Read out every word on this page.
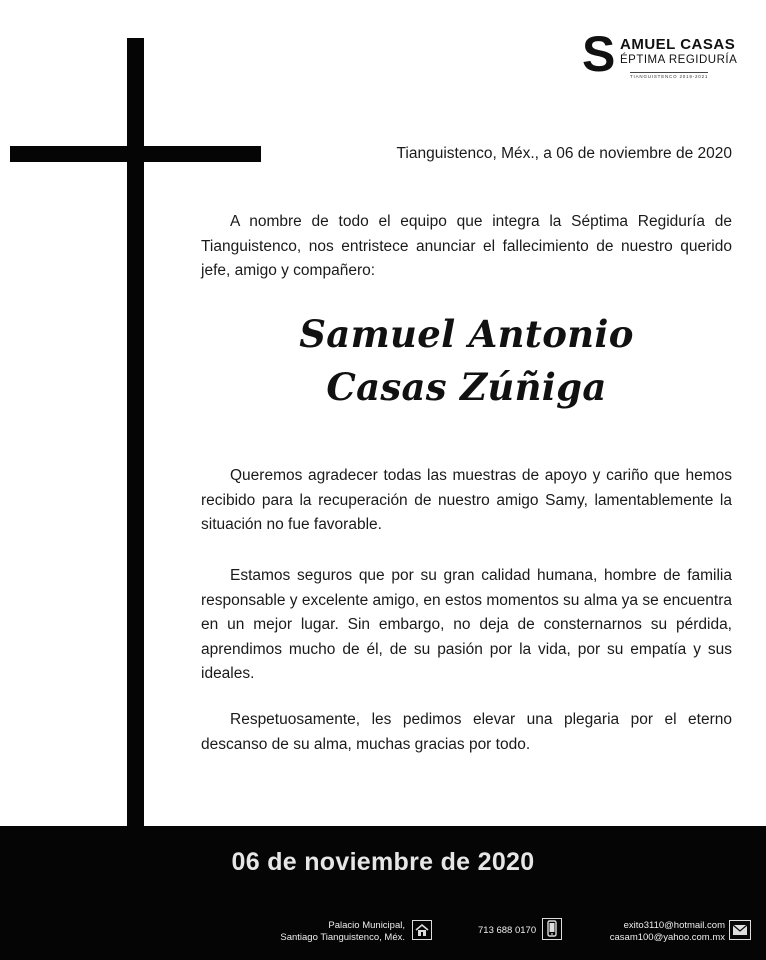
S AMUEL CASAS
ÉPTIMA REGIDURÍA
TIANGUISTENCO 2019-2021
Tianguistenco, Méx., a 06 de noviembre de 2020

A nombre de todo el equipo que integra la Séptima Regiduría de Tianguistenco, nos entristece anunciar el fallecimiento de nuestro querido jefe, amigo y compañero:

Samuel Antonio
Casas Zúñiga

Queremos agradecer todas las muestras de apoyo y cariño que hemos recibido para la recuperación de nuestro amigo Samy, lamentablemente la situación no fue favorable.

Estamos seguros que por su gran calidad humana, hombre de familia responsable y excelente amigo, en estos momentos su alma ya se encuentra en un mejor lugar. Sin embargo, no deja de consternarnos su pérdida, aprendimos mucho de él, de su pasión por la vida, por su empatía y sus ideales.

Respetuosamente, les pedimos elevar una plegaria por el eterno descanso de su alma, muchas gracias por todo.

06 de noviembre de 2020
Palacio Municipal,
Santiago Tianguistenco, Méx.
713 688 0170	exito3110@hotmail.com
casam100@yahoo.com.mx
